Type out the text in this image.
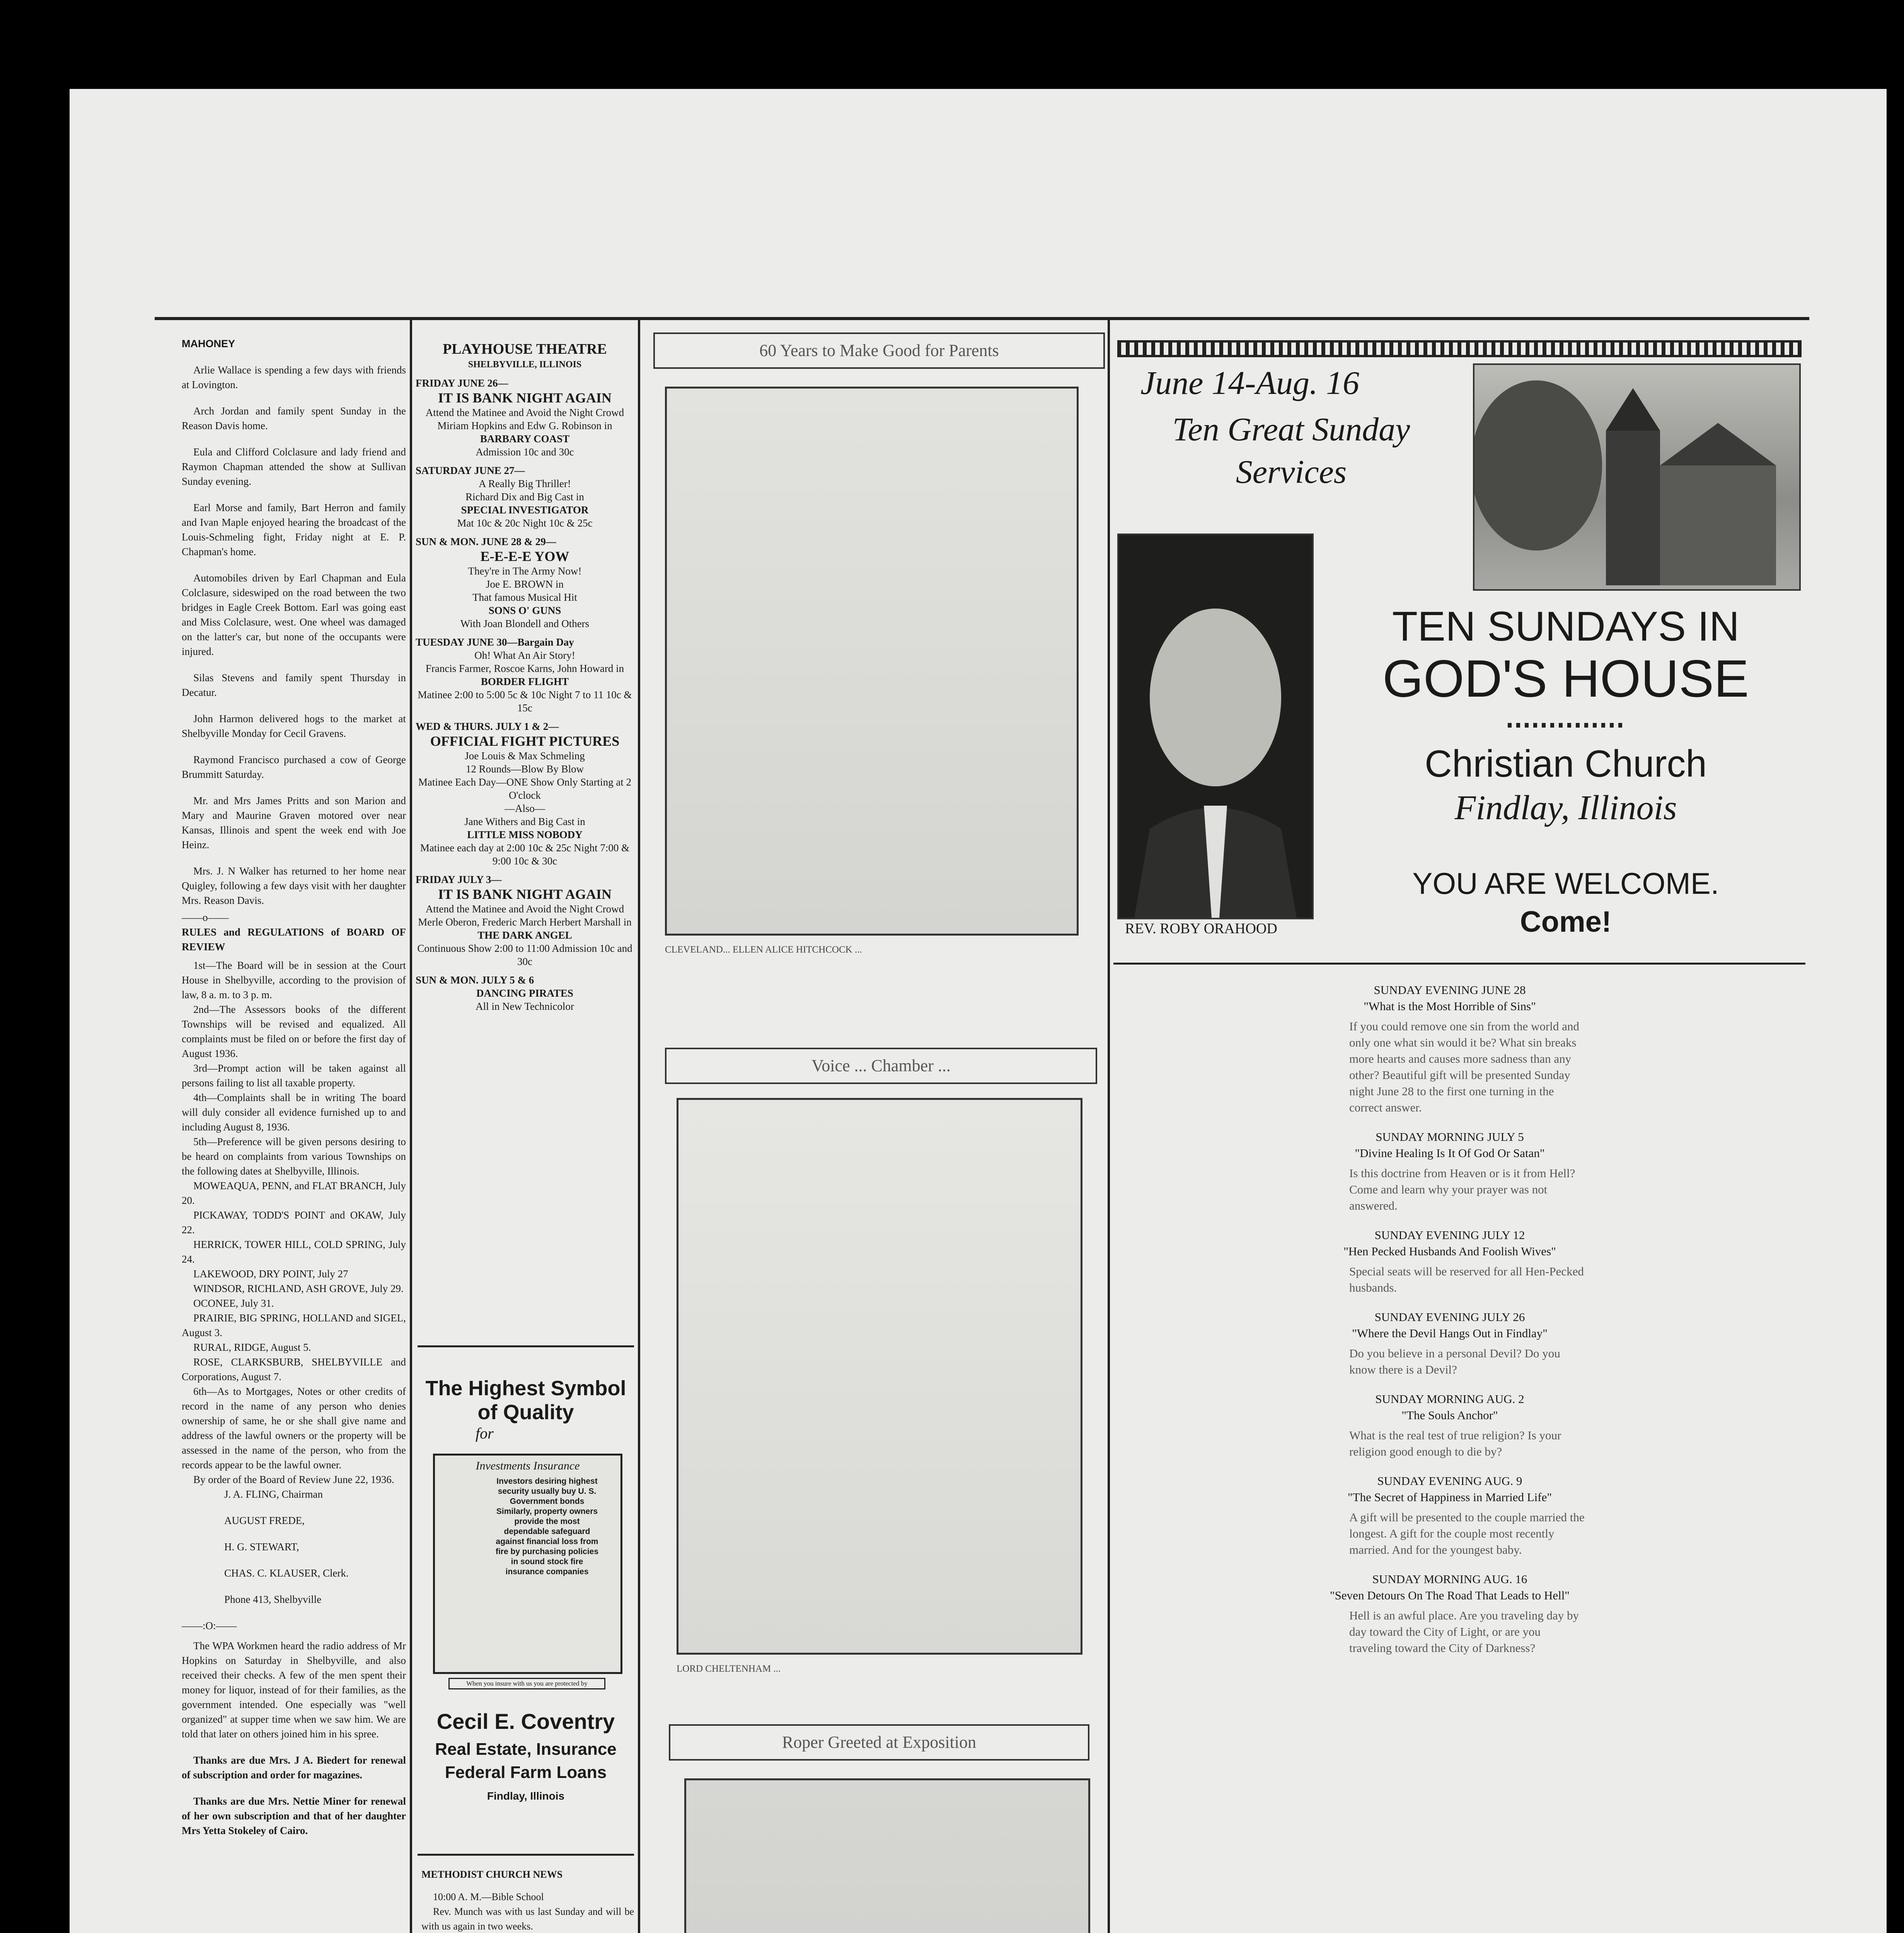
MAHONEY

Arlie Wallace is spending a few days with friends at Lovington.

Arch Jordan and family spent Sunday in the Reason Davis home.

Eula and Clifford Colclasure and lady friend and Raymon Chapman attended the show at Sullivan Sunday evening.

Earl Morse and family, Bart Herron and family and Ivan Maple enjoyed hearing the broadcast of the Louis-Schmeling fight, Friday night at E. P. Chapman's home.

Automobiles driven by Earl Chapman and Eula Colclasure, sideswiped on the road between the two bridges in Eagle Creek Bottom. Earl was going east and Miss Colclasure, west. One wheel was damaged on the latter's car, but none of the occupants were injured.

Silas Stevens and family spent Thursday in Decatur.

John Harmon delivered hogs to the market at Shelbyville Monday for Cecil Gravens.

Raymond Francisco purchased a cow of George Brummitt Saturday.

Mr. and Mrs James Pritts and son Marion and Mary and Maurine Graven motored over near Kansas, Illinois and spent the week end with Joe Heinz.

Mrs. J. N Walker has returned to her home near Quigley, following a few days visit with her daughter Mrs. Reason Davis.

——o——

RULES and REGULATIONS of BOARD OF REVIEW

1st—The Board will be in session at the Court House in Shelbyville, according to the provision of law, 8 a. m. to 3 p. m.

2nd—The Assessors books of the different Townships will be revised and equalized. All complaints must be filed on or before the first day of August 1936.

3rd—Prompt action will be taken against all persons failing to list all taxable property.

4th—Complaints shall be in writing The board will duly consider all evidence furnished up to and including August 8, 1936.

5th—Preference will be given persons desiring to be heard on complaints from various Townships on the following dates at Shelbyville, Illinois.

MOWEAQUA, PENN, and FLAT BRANCH, July 20.

PICKAWAY, TODD'S POINT and OKAW, July 22.

HERRICK, TOWER HILL, COLD SPRING, July 24.

LAKEWOOD, DRY POINT, July 27

WINDSOR, RICHLAND, ASH GROVE, July 29.

OCONEE, July 31.

PRAIRIE, BIG SPRING, HOLLAND and SIGEL, August 3.

RURAL, RIDGE, August 5.

ROSE, CLARKSBURB, SHELBYVILLE and Corporations, August 7.

6th—As to Mortgages, Notes or other credits of record in the name of any person who denies ownership of same, he or she shall give name and address of the lawful owners or the property will be assessed in the name of the person, who from the records appear to be the lawful owner.

By order of the Board of Review June 22, 1936.

J. A. FLING, Chairman

AUGUST FREDE,

H. G. STEWART,

CHAS. C. KLAUSER, Clerk.

Phone 413, Shelbyville

——:O:——

The WPA Workmen heard the radio address of Mr Hopkins on Saturday in Shelbyville, and also received their checks. A few of the men spent their money for liquor, instead of for their families, as the government intended. One especially was "well organized" at supper time when we saw him. We are told that later on others joined him in his spree.

Thanks are due Mrs. J A. Biedert for renewal of subscription and order for magazines.

Thanks are due Mrs. Nettie Miner for renewal of her own subscription and that of her daughter Mrs Yetta Stokeley of Cairo.

PLAYHOUSE THEATRE
SHELBYVILLE, ILLINOIS
FRIDAY JUNE 26—
IT IS BANK NIGHT AGAIN
Attend the Matinee and Avoid the Night Crowd
Miriam Hopkins and Edw G. Robinson in
BARBARY COAST
Admission 10c and 30c
SATURDAY JUNE 27—
A Really Big Thriller!
Richard Dix and Big Cast in
SPECIAL INVESTIGATOR
Mat 10c & 20c Night 10c & 25c
SUN & MON. JUNE 28 & 29—
E-E-E-E YOW
They're in The Army Now!
Joe E. BROWN in
That famous Musical Hit
SONS O' GUNS
With Joan Blondell and Others
TUESDAY JUNE 30—Bargain Day
Oh! What An Air Story!
Francis Farmer, Roscoe Karns, John Howard in
BORDER FLIGHT
Matinee 2:00 to 5:00 5c & 10c Night 7 to 11 10c & 15c
WED & THURS. JULY 1 & 2—
OFFICIAL FIGHT PICTURES
Joe Louis & Max Schmeling
12 Rounds—Blow By Blow
Matinee Each Day—ONE Show Only Starting at 2 O'clock
—Also—
Jane Withers and Big Cast in
LITTLE MISS NOBODY
Matinee each day at 2:00 10c & 25c Night 7:00 & 9:00 10c & 30c
FRIDAY JULY 3—
IT IS BANK NIGHT AGAIN
Attend the Matinee and Avoid the Night Crowd
Merle Oberon, Frederic March Herbert Marshall in
THE DARK ANGEL
Continuous Show 2:00 to 11:00 Admission 10c and 30c
SUN & MON. JULY 5 & 6
DANCING PIRATES
All in New Technicolor
The Highest Symbol
of Quality
for
Investments Insurance
Investors desiring highest security usually buy U. S. Government bonds Similarly, property owners provide the most dependable safeguard against financial loss from fire by purchasing policies in sound stock fire insurance companies
When you insure with us you are protected by
Cecil E. Coventry
Real Estate, Insurance
Federal Farm Loans
Findlay, Illinois

METHODIST CHURCH NEWS

10:00 A. M.—Bible School

Rev. Munch was with us last Sunday and will be with us again in two weeks.

60 Years to Make Good for Parents
CLEVELAND... ELLEN ALICE HITCHCOCK ...
Voice ... Chamber ...
LORD CHELTENHAM ...
Roper Greeted at Exposition
June 14-Aug. 16
Ten Great Sunday
Services
REV. ROBY ORAHOOD
TEN SUNDAYS IN
GOD'S HOUSE
Christian Church
Findlay, Illinois
YOU ARE WELCOME.
Come!
SUNDAY EVENING JUNE 28
"What is the Most Horrible of Sins"
If you could remove one sin from the world and only one what sin would it be? What sin breaks more hearts and causes more sadness than any other? Beautiful gift will be presented Sunday night June 28 to the first one turning in the correct answer.
SUNDAY MORNING JULY 5
"Divine Healing Is It Of God Or Satan"
Is this doctrine from Heaven or is it from Hell? Come and learn why your prayer was not answered.
SUNDAY EVENING JULY 12
"Hen Pecked Husbands And Foolish Wives"
Special seats will be reserved for all Hen-Pecked husbands.
SUNDAY EVENING JULY 26
"Where the Devil Hangs Out in Findlay"
Do you believe in a personal Devil? Do you know there is a Devil?
SUNDAY MORNING AUG. 2
"The Souls Anchor"
What is the real test of true religion? Is your religion good enough to die by?
SUNDAY EVENING AUG. 9
"The Secret of Happiness in Married Life"
A gift will be presented to the couple married the longest. A gift for the couple most recently married. And for the youngest baby.
SUNDAY MORNING AUG. 16
"Seven Detours On The Road That Leads to Hell"
Hell is an awful place. Are you traveling day by day toward the City of Light, or are you traveling toward the City of Darkness?
